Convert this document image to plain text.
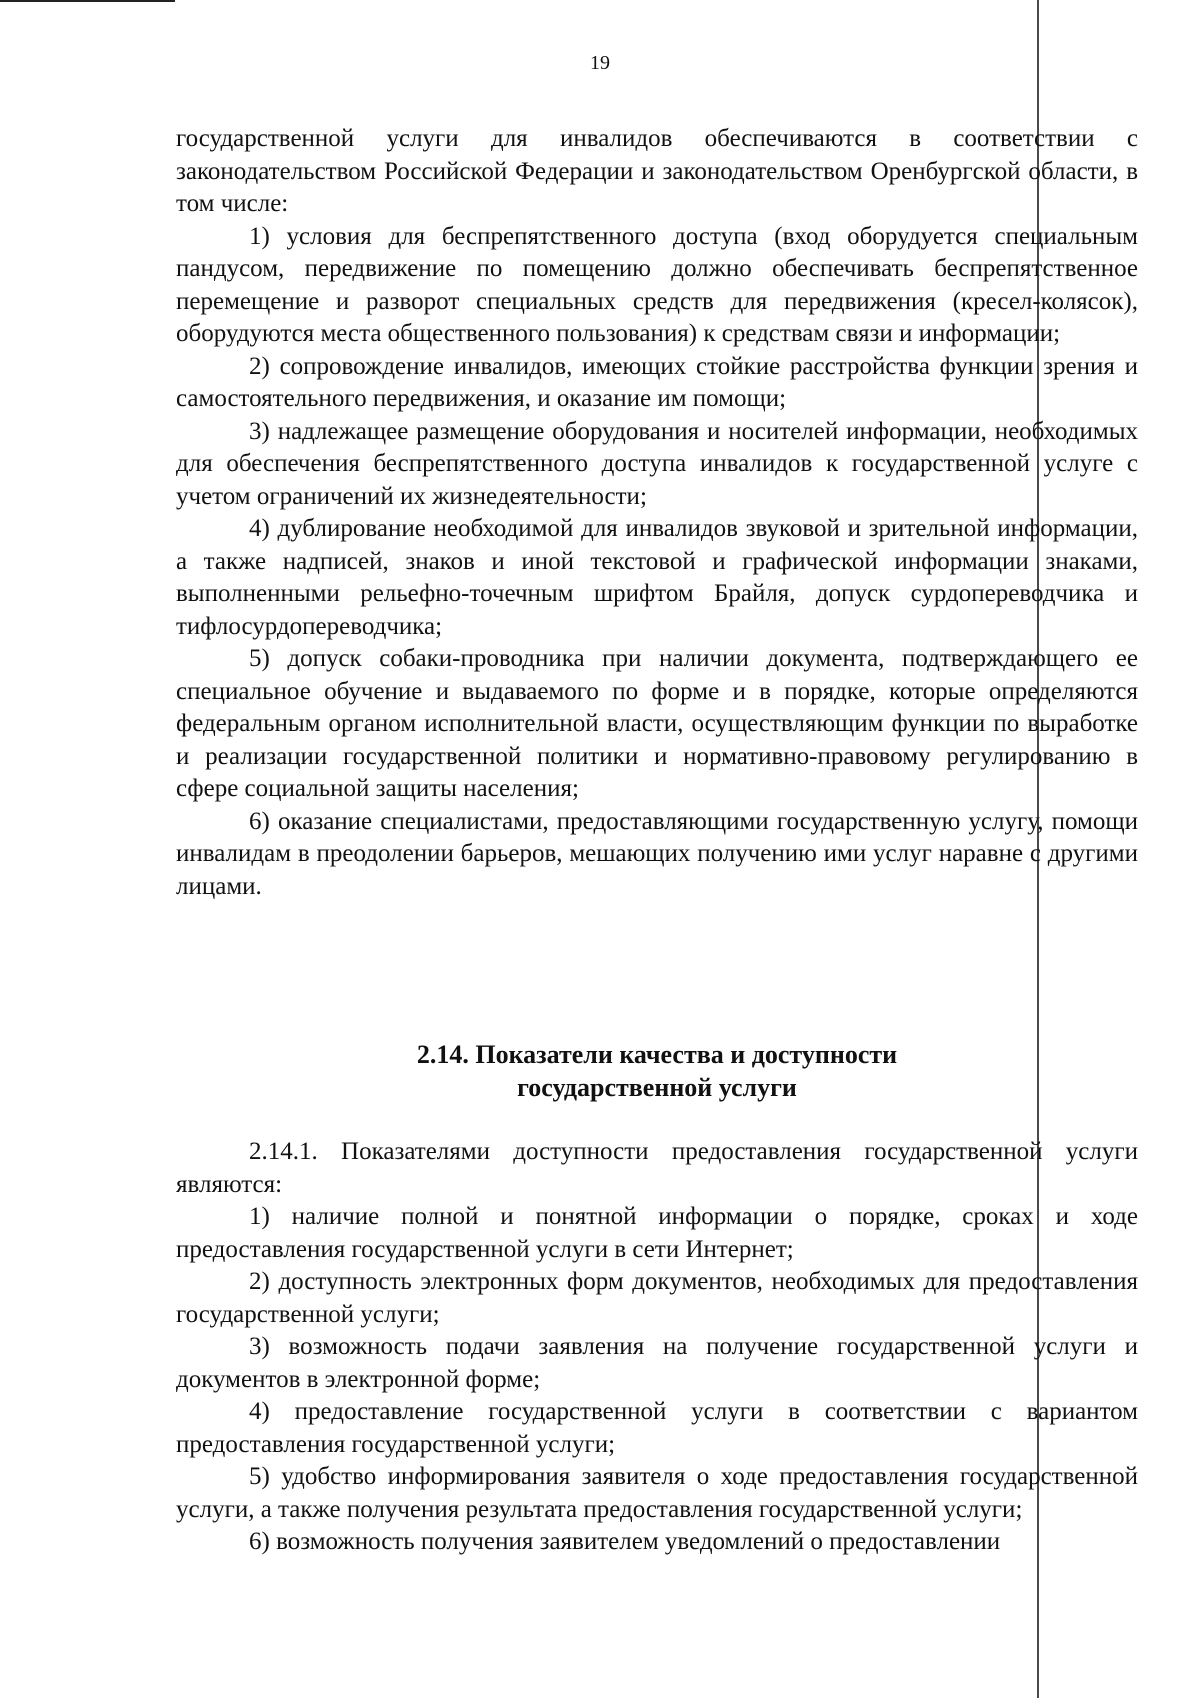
19

государственной услуги для инвалидов обеспечиваются в соответствии с законодательством Российской Федерации и законодательством Оренбургской области, в том числе:

1) условия для беспрепятственного доступа (вход оборудуется специальным пандусом, передвижение по помещению должно обеспечивать беспрепятственное перемещение и разворот специальных средств для передвижения (кресел-колясок), оборудуются места общественного пользования) к средствам связи и информации;

2) сопровождение инвалидов, имеющих стойкие расстройства функции зрения и самостоятельного передвижения, и оказание им помощи;

3) надлежащее размещение оборудования и носителей информации, необходимых для обеспечения беспрепятственного доступа инвалидов к государственной услуге с учетом ограничений их жизнедеятельности;

4) дублирование необходимой для инвалидов звуковой и зрительной информации, а также надписей, знаков и иной текстовой и графической информации знаками, выполненными рельефно-точечным шрифтом Брайля, допуск сурдопереводчика и тифлосурдопереводчика;

5) допуск собаки-проводника при наличии документа, подтверждающего ее специальное обучение и выдаваемого по форме и в порядке, которые определяются федеральным органом исполнительной власти, осуществляющим функции по выработке и реализации государственной политики и нормативно-правовому регулированию в сфере социальной защиты населения;

6) оказание специалистами, предоставляющими государственную услугу, помощи инвалидам в преодолении барьеров, мешающих получению ими услуг наравне с другими лицами.

2.14. Показатели качества и доступности
государственной услуги

2.14.1. Показателями доступности предоставления государственной услуги являются:

1) наличие полной и понятной информации о порядке, сроках и ходе предоставления государственной услуги в сети Интернет;

2) доступность электронных форм документов, необходимых для предоставления государственной услуги;

3) возможность подачи заявления на получение государственной услуги и документов в электронной форме;

4) предоставление государственной услуги в соответствии с вариантом предоставления государственной услуги;

5) удобство информирования заявителя о ходе предоставления государственной услуги, а также получения результата предоставления государственной услуги;

6) возможность получения заявителем уведомлений о предоставлении
